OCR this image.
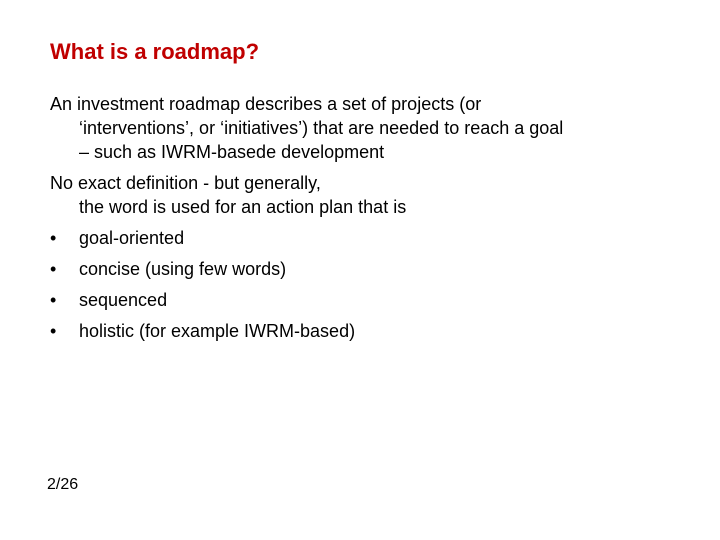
What is a roadmap?
An investment roadmap describes a set of projects (or
‘interventions’, or ‘initiatives’) that are needed to reach a goal
– such as IWRM-basede development
No exact definition - but generally,
the word is used for an action plan that is
• goal-oriented
• concise (using few words)
• sequenced
• holistic (for example IWRM-based)
2/26
